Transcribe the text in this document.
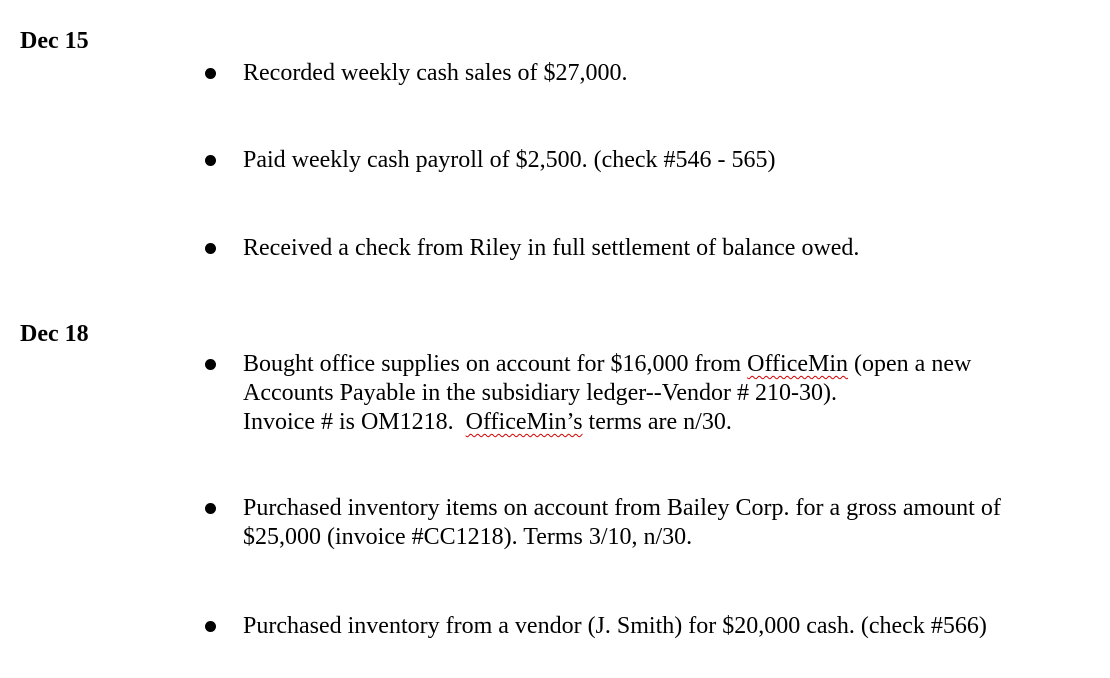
Dec 15
Recorded weekly cash sales of $27,000.
Paid weekly cash payroll of $2,500. (check #546 - 565)
Received a check from Riley in full settlement of balance owed.
Dec 18
Bought office supplies on account for $16,000 from OfficeMin (open a new
Accounts Payable in the subsidiary ledger--Vendor # 210-30).
Invoice # is OM1218.  OfficeMin’s terms are n/30.
Purchased inventory items on account from Bailey Corp. for a gross amount of
$25,000 (invoice #CC1218). Terms 3/10, n/30.
Purchased inventory from a vendor (J. Smith) for $20,000 cash. (check #566)
